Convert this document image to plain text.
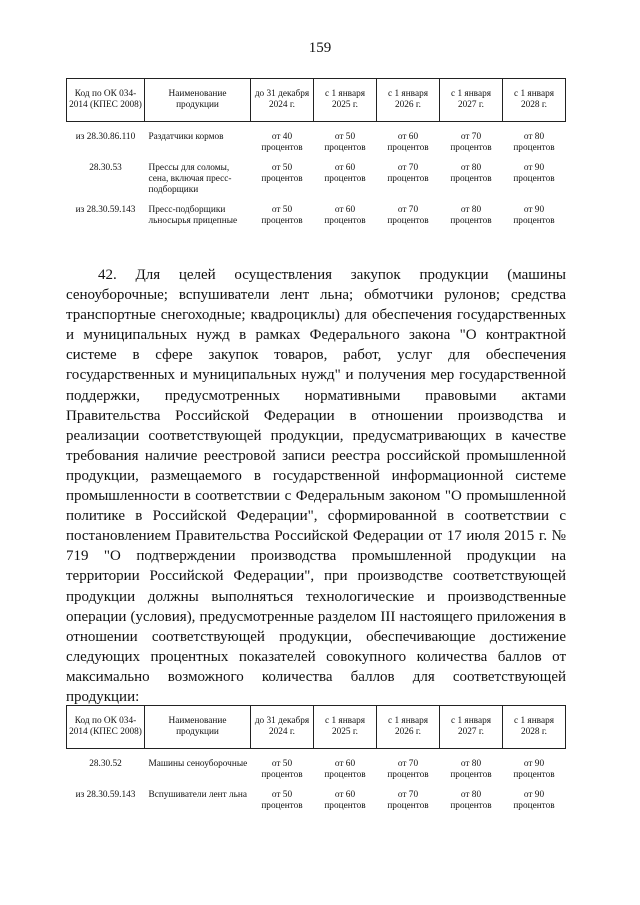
159
Код по ОК 034-2014 (КПЕС 2008)	Наименование продукции	до 31 декабря 2024 г.	с 1 января 2025 г.	с 1 января 2026 г.	с 1 января 2027 г.	с 1 января 2028 г.
из 28.30.86.110	Раздатчики кормов	от 40 процентов	от 50 процентов	от 60 процентов	от 70 процентов	от 80 процентов
28.30.53	Прессы для соломы, сена, включая пресс-подборщики	от 50 процентов	от 60 процентов	от 70 процентов	от 80 процентов	от 90 процентов
из 28.30.59.143	Пресс-подборщики льносырья прицепные	от 50 процентов	от 60 процентов	от 70 процентов	от 80 процентов	от 90 процентов

42. Для целей осуществления закупок продукции (машины сеноуборочные; вспушиватели лент льна; обмотчики рулонов; средства транспортные снегоходные; квадроциклы) для обеспечения государственных и муниципальных нужд в рамках Федерального закона "О контрактной системе в сфере закупок товаров, работ, услуг для обеспечения государственных и муниципальных нужд" и получения мер государственной поддержки, предусмотренных нормативными правовыми актами Правительства Российской Федерации в отношении производства и реализации соответствующей продукции, предусматривающих в качестве требования наличие реестровой записи реестра российской промышленной продукции, размещаемого в государственной информационной системе промышленности в соответствии с Федеральным законом "О промышленной политике в Российской Федерации", сформированной в соответствии с постановлением Правительства Российской Федерации от 17 июля 2015 г. № 719 "О подтверждении производства промышленной продукции на территории Российской Федерации", при производстве соответствующей продукции должны выполняться технологические и производственные операции (условия), предусмотренные разделом III настоящего приложения в отношении соответствующей продукции, обеспечивающие достижение следующих процентных показателей совокупного количества баллов от максимально возможного количества баллов для соответствующей продукции:

Код по ОК 034-2014 (КПЕС 2008)	Наименование продукции	до 31 декабря 2024 г.	с 1 января 2025 г.	с 1 января 2026 г.	с 1 января 2027 г.	с 1 января 2028 г.
28.30.52	Машины сеноуборочные	от 50 процентов	от 60 процентов	от 70 процентов	от 80 процентов	от 90 процентов
из 28.30.59.143	Вспушиватели лент льна	от 50 процентов	от 60 процентов	от 70 процентов	от 80 процентов	от 90 процентов
